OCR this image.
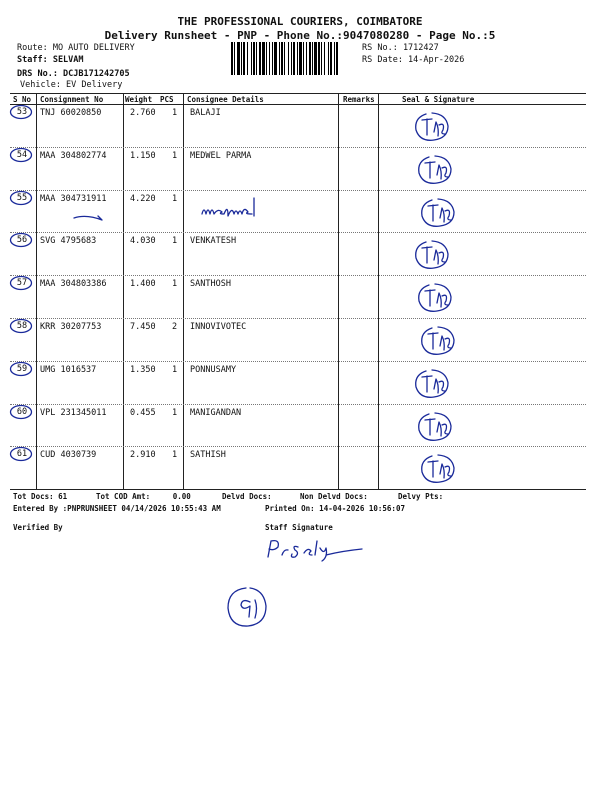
THE PROFESSIONAL COURIERS, COIMBATORE
Delivery Runsheet - PNP - Phone No.:9047080280 - Page No.:5
Route: MO AUTO DELIVERY
Staff: SELVAM
DRS No.: DCJB171242705
Vehicle: EV Delivery
RS No.: 1712427
RS Date: 14-Apr-2026
S No Consignment No	Weight PCS Consignee Details	Remarks	Seal & Signature
53	TNJ 60020850	2.760 1 BALAJI
54	MAA 304802774	1.150 1 MEDWEL PARMA
55	MAA 304731911	4.220 1
56	SVG 4795683	4.030 1 VENKATESH
57	MAA 304803386	1.400 1 SANTHOSH
58	KRR 30207753	7.450 2 INNOVIVOTEC
59	UMG 1016537	1.350 1 PONNUSAMY
60	VPL 231345011	0.455 1 MANIGANDAN
61	CUD 4030739	2.910 1 SATHISH
Tot Docs: 61	Tot COD Amt:     0.00	Delvd Docs:	Non Delvd Docs:	Delvy Pts:
Entered By :PNPRUNSHEET 04/14/2026 10:55:43 AM	Printed On: 14-04-2026 10:56:07
Verified By	Staff Signature
